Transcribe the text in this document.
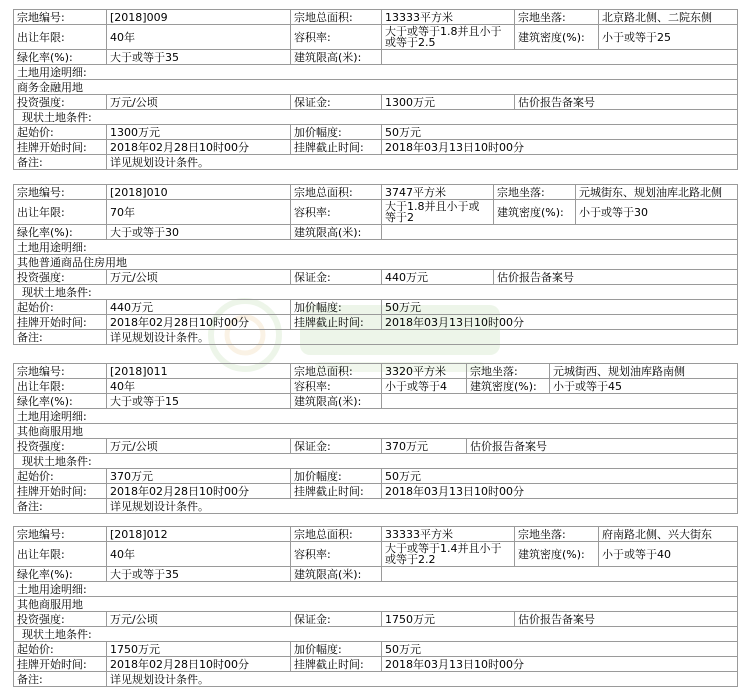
宗地编号:	[2018]009	宗地总面积:	13333平方米	宗地坐落:	北京路北侧、二院东侧
出让年限:	40年	容积率:	大于或等于1.8并且小于或等于2.5	建筑密度(%):	小于或等于25
绿化率(%):	大于或等于35	建筑限高(米):			
土地用途明细:					
商务金融用地					
投资强度:	万元/公顷	保证金:	1300万元	估价报告备案号	
现状土地条件:					
起始价:	1300万元	加价幅度:	50万元		
挂牌开始时间:	2018年02月28日10时00分	挂牌截止时间:	2018年03月13日10时00分		
备注:	详见规划设计条件。				
宗地编号:	[2018]010	宗地总面积:	3747平方米	宗地坐落:	元城街东、规划油库北路北侧
出让年限:	70年	容积率:	大于1.8并且小于或等于2	建筑密度(%):	小于或等于30
绿化率(%):	大于或等于30	建筑限高(米):			
土地用途明细:					
其他普通商品住房用地					
投资强度:	万元/公顷	保证金:	440万元	估价报告备案号	
现状土地条件:					
起始价:	440万元	加价幅度:	50万元		
挂牌开始时间:	2018年02月28日10时00分	挂牌截止时间:	2018年03月13日10时00分		
备注:	详见规划设计条件。				
宗地编号:	[2018]011	宗地总面积:	3320平方米	宗地坐落:	元城街西、规划油库路南侧
出让年限:	40年	容积率:	小于或等于4	建筑密度(%):	小于或等于45
绿化率(%):	大于或等于15	建筑限高(米):			
土地用途明细:					
其他商服用地					
投资强度:	万元/公顷	保证金:	370万元	估价报告备案号	
现状土地条件:					
起始价:	370万元	加价幅度:	50万元		
挂牌开始时间:	2018年02月28日10时00分	挂牌截止时间:	2018年03月13日10时00分		
备注:	详见规划设计条件。				
宗地编号:	[2018]012	宗地总面积:	33333平方米	宗地坐落:	府南路北侧、兴大街东
出让年限:	40年	容积率:	大于或等于1.4并且小于或等于2.2	建筑密度(%):	小于或等于40
绿化率(%):	大于或等于35	建筑限高(米):			
土地用途明细:					
其他商服用地					
投资强度:	万元/公顷	保证金:	1750万元	估价报告备案号	
现状土地条件:					
起始价:	1750万元	加价幅度:	50万元		
挂牌开始时间:	2018年02月28日10时00分	挂牌截止时间:	2018年03月13日10时00分		
备注:	详见规划设计条件。				
